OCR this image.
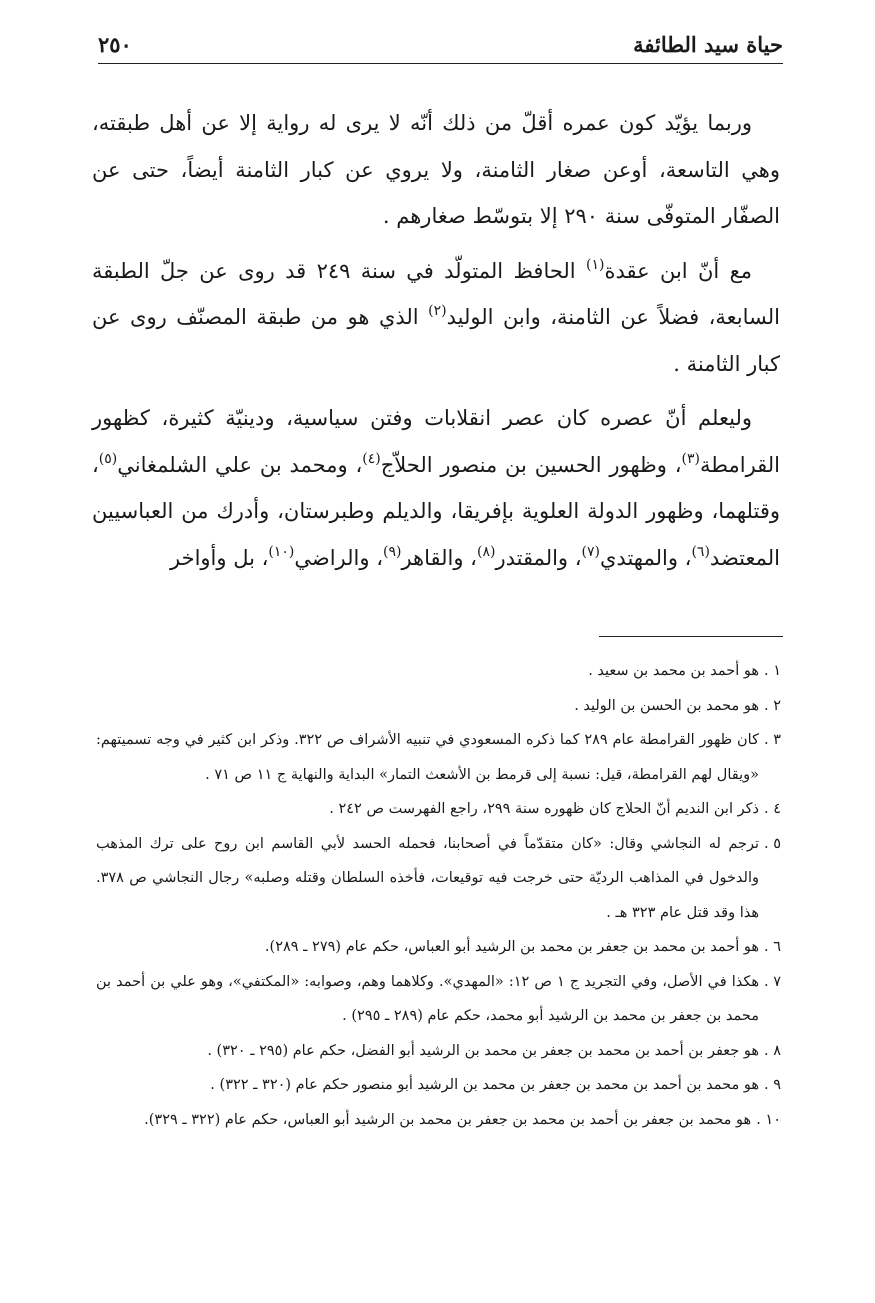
حياة سيد الطائفة
٢٥٠

وربما يؤيّد كون عمره أقلّ من ذلك أنّه لا يرى له رواية إلا عن أهل طبقته، وهي التاسعة، أوعن صغار الثامنة، ولا يروي عن كبار الثامنة أيضاً، حتى عن الصفّار المتوفّى سنة ٢٩٠ إلا بتوسّط صغارهم .

مع أنّ ابن عقدة$^{(١)}$ الحافظ المتولّد في سنة ٢٤٩ قد روى عن جلّ الطبقة السابعة، فضلاً عن الثامنة، وابن الوليد$^{(٢)}$ الذي هو من طبقة المصنّف روى عن كبار الثامنة .

وليعلم أنّ عصره كان عصر انقلابات وفتن سياسية، ودينيّة كثيرة، كظهور القرامطة$^{(٣)}$، وظهور الحسين بن منصور الحلاّج$^{(٤)}$، ومحمد بن علي الشلمغاني$^{(٥)}$، وقتلهما، وظهور الدولة العلوية بإفريقا، والديلم وطبرستان، وأدرك من العباسيين المعتضد$^{(٦)}$، والمهتدي$^{(٧)}$، والمقتدر$^{(٨)}$، والقاهر$^{(٩)}$، والراضي$^{(١٠)}$، بل وأواخر

١ .
هو أحمد بن محمد بن سعيد .
٢ .
هو محمد بن الحسن بن الوليد .
٣ .
كان ظهور القرامطة عام ٢٨٩ كما ذكره المسعودي في تنبيه الأشراف ص ٣٢٢. وذكر ابن كثير في وجه تسميتهم: «ويقال لهم القرامطة، قيل: نسبة إلى قرمط بن الأشعث التمار» البداية والنهاية ج ١١ ص ٧١ .
٤ .
ذكر ابن النديم أنّ الحلاج كان ظهوره سنة ٢٩٩، راجع الفهرست ص ٢٤٢ .
٥ .
ترجم له النجاشي وقال: «كان متقدّماً في أصحابنا، فحمله الحسد لأبي القاسم ابن روح على ترك المذهب والدخول في المذاهب الرديّة حتى خرجت فيه توقيعات، فأخذه السلطان وقتله وصلبه» رجال النجاشي ص ٣٧٨. هذا وقد قتل عام ٣٢٣ هـ .
٦ .
هو أحمد بن محمد بن جعفر بن محمد بن الرشيد أبو العباس، حكم عام (٢٧٩ ـ ٢٨٩).
٧ .
هكذا في الأصل، وفي التجريد ج ١ ص ١٢: «المهدي». وكلاهما وهم، وصوابه: «المكتفي»، وهو علي بن أحمد بن محمد بن جعفر بن محمد بن الرشيد أبو محمد، حكم عام (٢٨٩ ـ ٢٩٥) .
٨ .
هو جعفر بن أحمد بن محمد بن جعفر بن محمد بن الرشيد أبو الفضل، حكم عام (٢٩٥ ـ ٣٢٠) .
٩ .
هو محمد بن أحمد بن محمد بن جعفر بن محمد بن الرشيد أبو منصور حكم عام (٣٢٠ ـ ٣٢٢) .
١٠ .
هو محمد بن جعفر بن أحمد بن محمد بن جعفر بن محمد بن الرشيد أبو العباس، حكم عام (٣٢٢ ـ ٣٢٩).
